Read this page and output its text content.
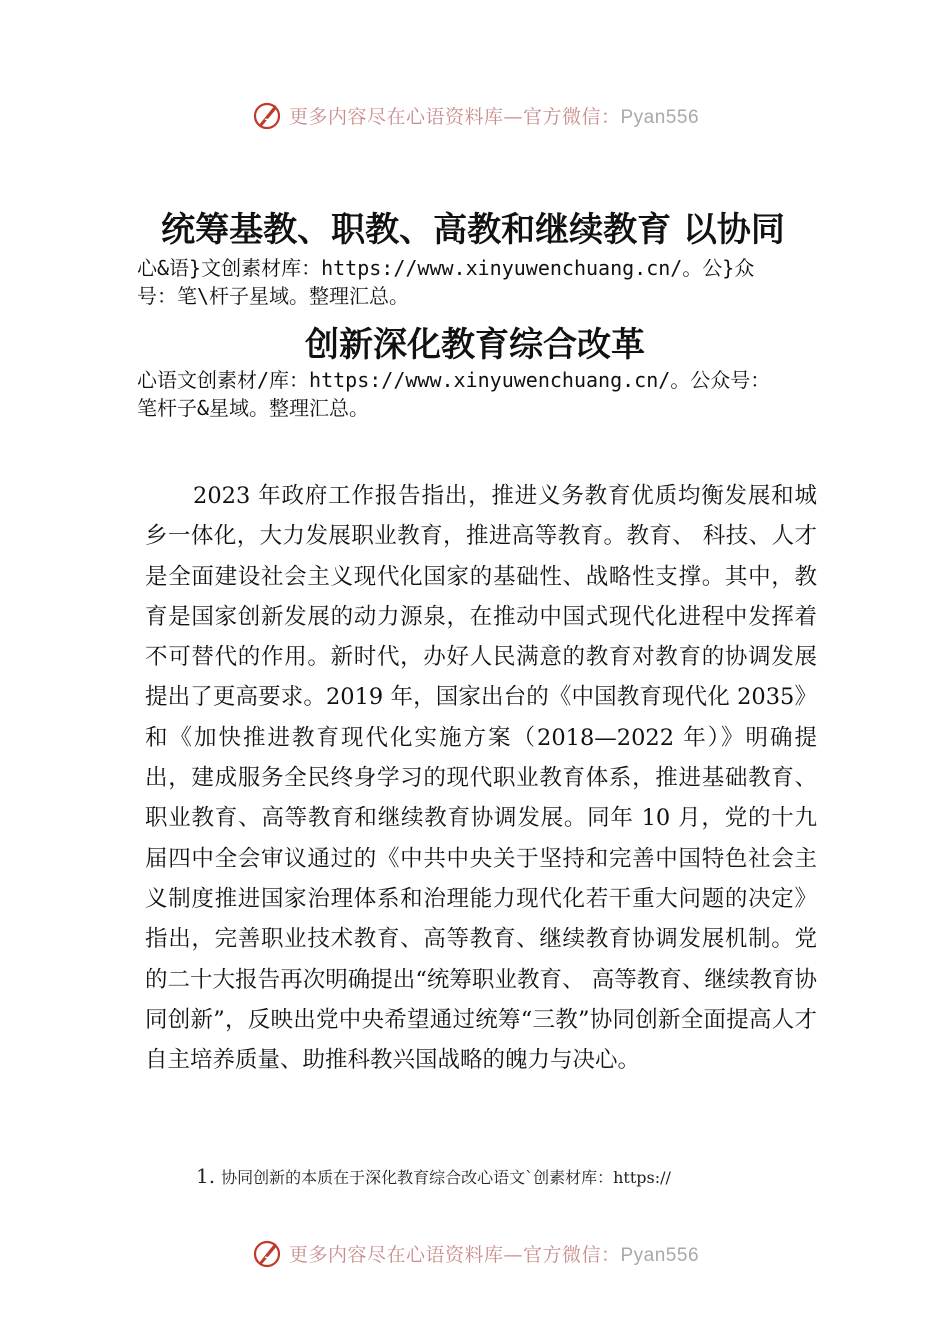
更多内容尽在心语资料库—官方微信：Pyan556
统筹基教、职教、高教和继续教育 以协同
心&语}文创素材库：https://www.xinyuwenchuang.cn/。公}众
号：笔\杆子星域。整理汇总。
创新深化教育综合改革
心语文创素材/库：https://www.xinyuwenchuang.cn/。公众号：
笔杆子&星域。整理汇总。

2023 年政府工作报告指出，推进义务教育优质均衡发展和城乡一体化，大力发展职业教育，推进高等教育。教育、 科技、人才是全面建设社会主义现代化国家的基础性、战略性支撑。其中，教育是国家创新发展的动力源泉，在推动中国式现代化进程中发挥着不可替代的作用。新时代，办好人民满意的教育对教育的协调发展提出了更高要求。2019 年，国家出台的《中国教育现代化 2035》和《加快推进教育现代化实施方案（2018—2022 年）》明确提出，建成服务全民终身学习的现代职业教育体系，推进基础教育、职业教育、高等教育和继续教育协调发展。同年 10 月，党的十九届四中全会审议通过的《中共中央关于坚持和完善中国特色社会主义制度推进国家治理体系和治理能力现代化若干重大问题的决定》指出，完善职业技术教育、高等教育、继续教育协调发展机制。党的二十大报告再次明确提出“统筹职业教育、 高等教育、继续教育协同创新”，反映出党中央希望通过统筹“三教”协同创新全面提高人才自主培养质量、助推科教兴国战略的魄力与决心。

1. 协同创新的本质在于深化教育综合改心语文`创素材库：https://
更多内容尽在心语资料库—官方微信：Pyan556
